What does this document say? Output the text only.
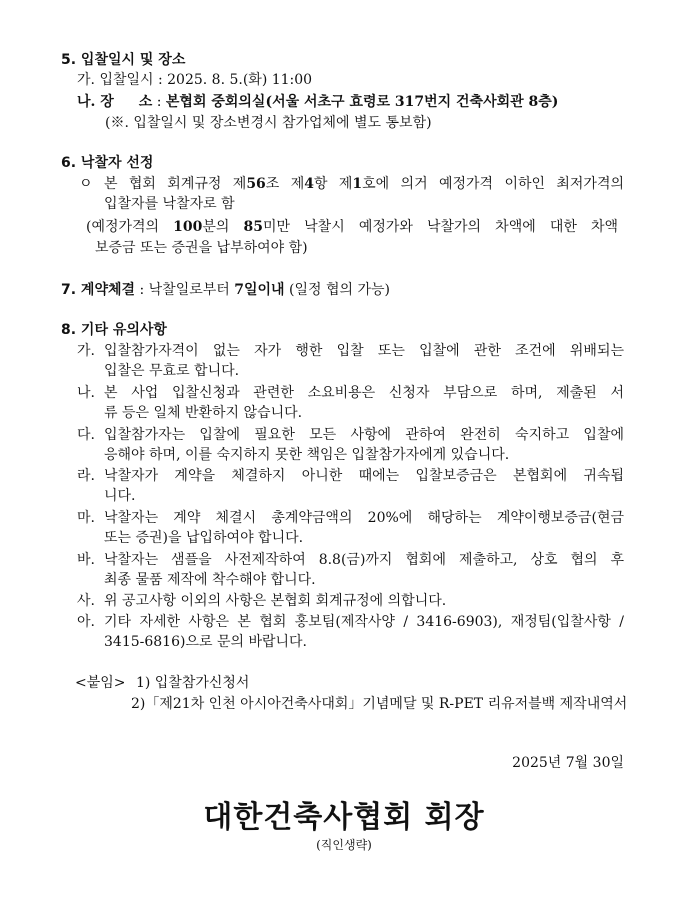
5. 입찰일시 및 장소
가. 입찰일시 : 2025. 8. 5.(화) 11:00
나. 장　소 : 본협회 중회의실(서울 서초구 효령로 317번지 건축사회관 8층)
(※. 입찰일시 및 장소변경시 참가업체에 별도 통보함)
6. 낙찰자 선정
ㅇ 본 협회 회계규정 제56조 제4항 제1호에 의거 예정가격 이하인 최저가격의
입찰자를 낙찰자로 함
(예정가격의 100분의 85미만 낙찰시 예정가와 낙찰가의 차액에 대한 차액
보증금 또는 증권을 납부하여야 함)
7. 계약체결 : 낙찰일로부터 7일이내 (일정 협의 가능)
8. 기타 유의사항
가. 입찰참가자격이 없는 자가 행한 입찰 또는 입찰에 관한 조건에 위배되는
입찰은 무효로 합니다.
나. 본 사업 입찰신청과 관련한 소요비용은 신청자 부담으로 하며, 제출된 서
류 등은 일체 반환하지 않습니다.
다. 입찰참가자는 입찰에 필요한 모든 사항에 관하여 완전히 숙지하고 입찰에
응해야 하며, 이를 숙지하지 못한 책임은 입찰참가자에게 있습니다.
라. 낙찰자가 계약을 체결하지 아니한 때에는 입찰보증금은 본협회에 귀속됩
니다.
마. 낙찰자는 계약 체결시 총계약금액의 20%에 해당하는 계약이행보증금(현금
또는 증권)을 납입하여야 합니다.
바. 낙찰자는 샘플을 사전제작하여 8.8(금)까지 협회에 제출하고, 상호 협의 후
최종 물품 제작에 착수해야 합니다.
사. 위 공고사항 이외의 사항은 본협회 회계규정에 의합니다.
아. 기타 자세한 사항은 본 협회 홍보팀(제작사양 / 3416-6903), 재정팀(입찰사항 /
3415-6816)으로 문의 바랍니다.
<붙임> 1) 입찰참가신청서
2)「제21차 인천 아시아건축사대회」기념메달 및 R-PET 리유저블백 제작내역서
2025년 7월 30일
대한건축사협회 회장
(직인생략)
